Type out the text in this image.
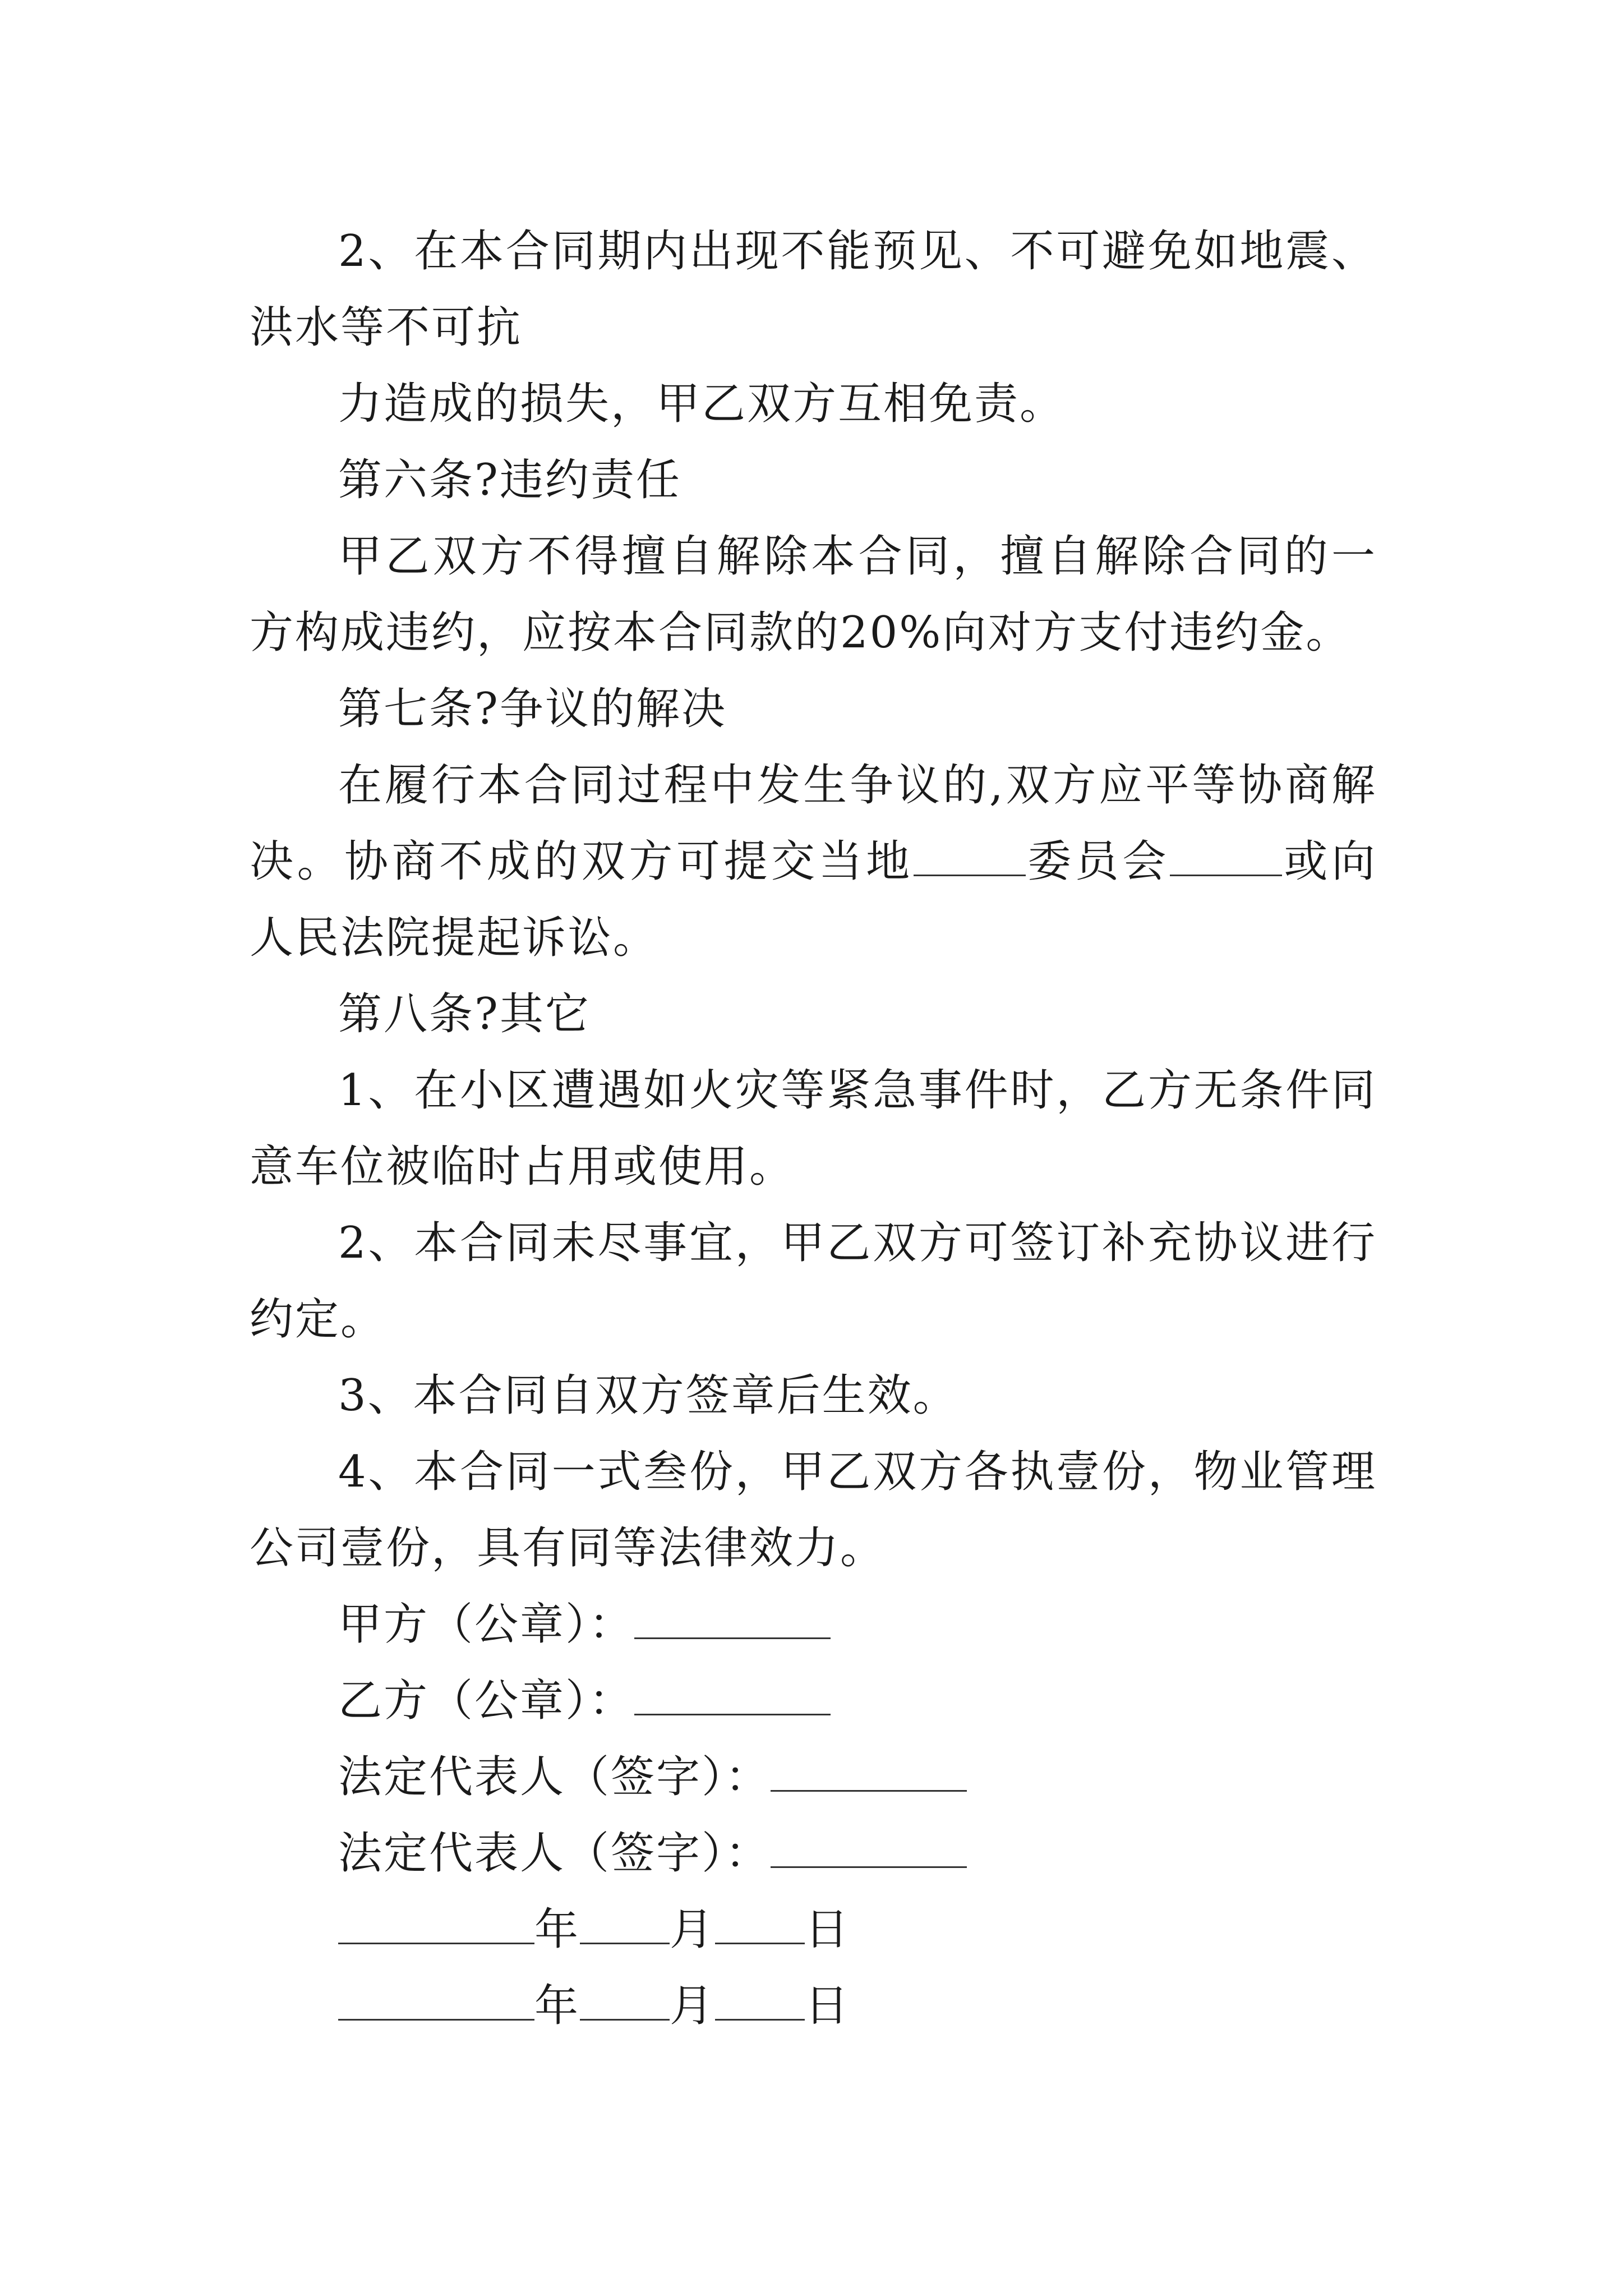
2、在本合同期内出现不能预见、不可避免如地震、洪水等不可抗

力造成的损失，甲乙双方互相免责。

第六条?违约责任

甲乙双方不得擅自解除本合同，擅自解除合同的一方构成违约，应按本合同款的20%向对方支付违约金。

第七条?争议的解决

在履行本合同过程中发生争议的,双方应平等协商解决。协商不成的双方可提交当地	委员会	或向人民法院提起诉讼。

第八条?其它

1、在小区遭遇如火灾等紧急事件时，乙方无条件同意车位被临时占用或使用。

2、本合同未尽事宜，甲乙双方可签订补充协议进行约定。

3、本合同自双方签章后生效。

4、本合同一式叁份，甲乙双方各执壹份，物业管理公司壹份，具有同等法律效力。

甲方（公章）：

乙方（公章）：

法定代表人（签字）：

法定代表人（签字）：

年 月 日

年 月 日
